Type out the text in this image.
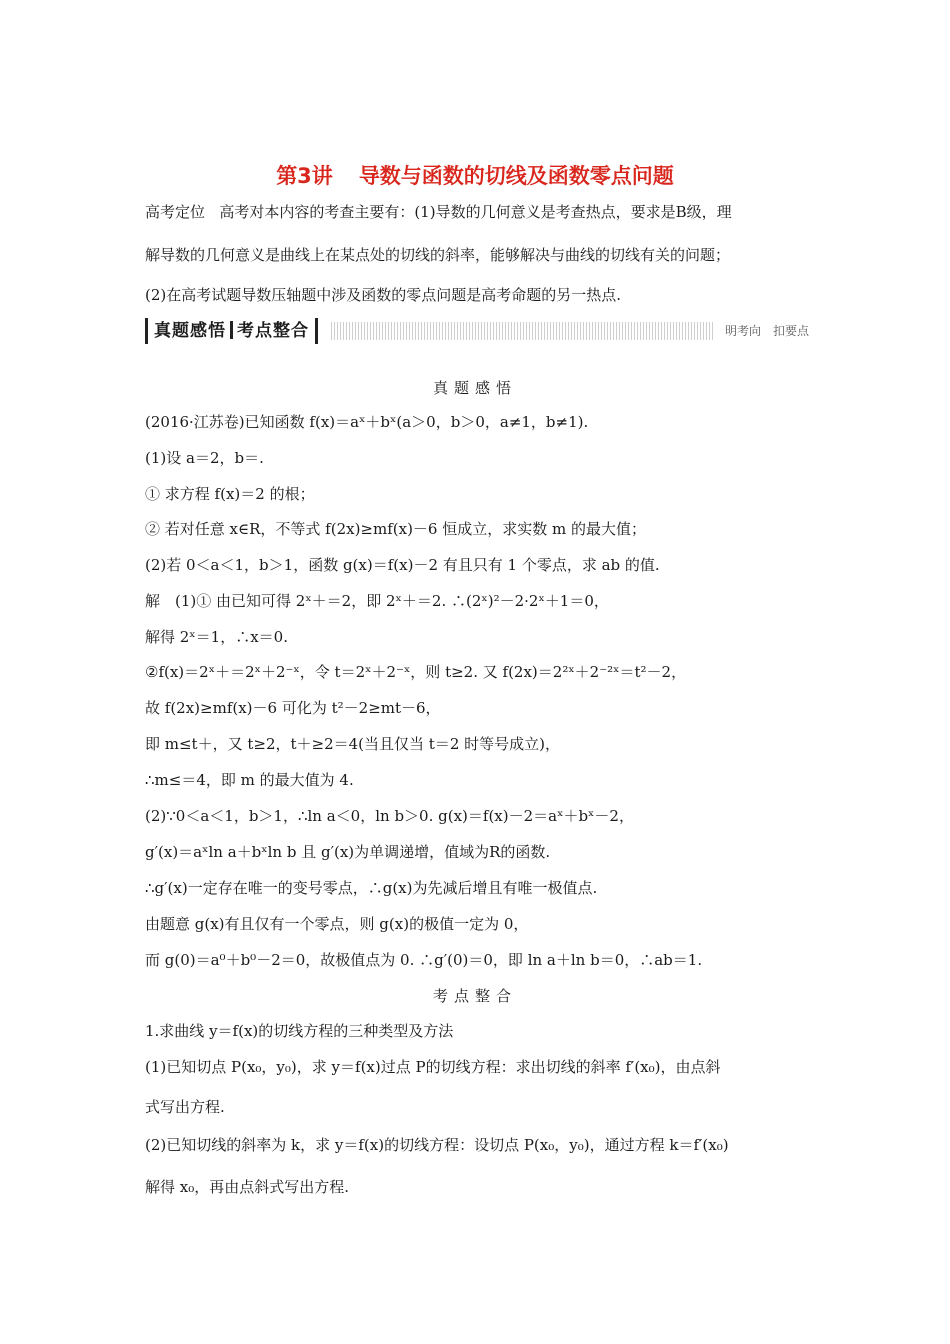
第3讲 导数与函数的切线及函数零点问题
高考定位 高考对本内容的考查主要有：(1)导数的几何意义是考查热点，要求是B级，理
解导数的几何意义是曲线上在某点处的切线的斜率，能够解决与曲线的切线有关的问题；
(2)在高考试题导数压轴题中涉及函数的零点问题是高考命题的另一热点.
真题感悟 考点整合	明考向 扣要点
真题感悟
(2016·江苏卷)已知函数 f(x)＝aˣ＋bˣ(a＞0，b＞0，a≠1，b≠1).
(1)设 a＝2，b＝.
① 求方程 f(x)＝2 的根；
② 若对任意 x∈R，不等式 f(2x)≥mf(x)－6 恒成立，求实数 m 的最大值；
(2)若 0＜a＜1，b＞1，函数 g(x)＝f(x)－2 有且只有 1 个零点，求 ab 的值.
解　(1)① 由已知可得 2ˣ＋＝2，即 2ˣ＋＝2. ∴(2ˣ)²－2·2ˣ＋1＝0，
解得 2ˣ＝1，∴x＝0.
②f(x)＝2ˣ＋＝2ˣ＋2⁻ˣ，令 t＝2ˣ＋2⁻ˣ，则 t≥2. 又 f(2x)＝2²ˣ＋2⁻²ˣ＝t²－2，
故 f(2x)≥mf(x)－6 可化为 t²－2≥mt－6，
即 m≤t＋，又 t≥2，t＋≥2＝4(当且仅当 t＝2 时等号成立)，
∴m≤＝4，即 m 的最大值为 4.
(2)∵0＜a＜1，b＞1，∴ln a＜0，ln b＞0. g(x)＝f(x)－2＝aˣ＋bˣ－2，
g′(x)＝aˣln a＋bˣln b 且 g′(x)为单调递增，值域为R的函数.
∴g′(x)一定存在唯一的变号零点，∴g(x)为先减后增且有唯一极值点.
由题意 g(x)有且仅有一个零点，则 g(x)的极值一定为 0，
而 g(0)＝a⁰＋b⁰－2＝0，故极值点为 0. ∴g′(0)＝0，即 ln a＋ln b＝0，∴ab＝1.
考点整合
1.求曲线 y＝f(x)的切线方程的三种类型及方法
(1)已知切点 P(x₀，y₀)，求 y＝f(x)过点 P的切线方程：求出切线的斜率 f′(x₀)，由点斜
式写出方程.
(2)已知切线的斜率为 k，求 y＝f(x)的切线方程：设切点 P(x₀，y₀)，通过方程 k＝f′(x₀)
解得 x₀，再由点斜式写出方程.
